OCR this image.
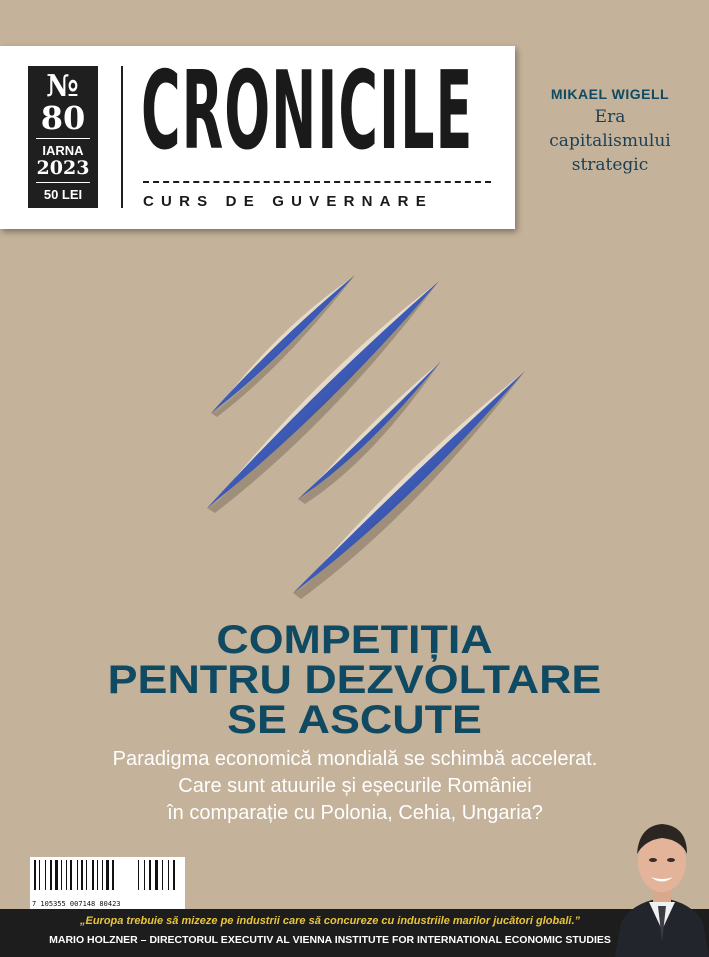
№
80
IARNA
2023
50 LEI
CRONICILE
CURS DE GUVERNARE
MIKAEL WIGELL
Era
capitalismului
strategic
COMPETIȚIA
PENTRU DEZVOLTARE
SE ASCUTE
Paradigma economică mondială se schimbă accelerat.
Care sunt atuurile și eșecurile României
în comparație cu Polonia, Cehia, Ungaria?
7 105355 007148 80423
„Europa trebuie să mizeze pe industrii care să concureze cu industriile marilor jucători globali.”
MARIO HOLZNER – DIRECTORUL EXECUTIV AL VIENNA INSTITUTE FOR INTERNATIONAL ECONOMIC STUDIES
